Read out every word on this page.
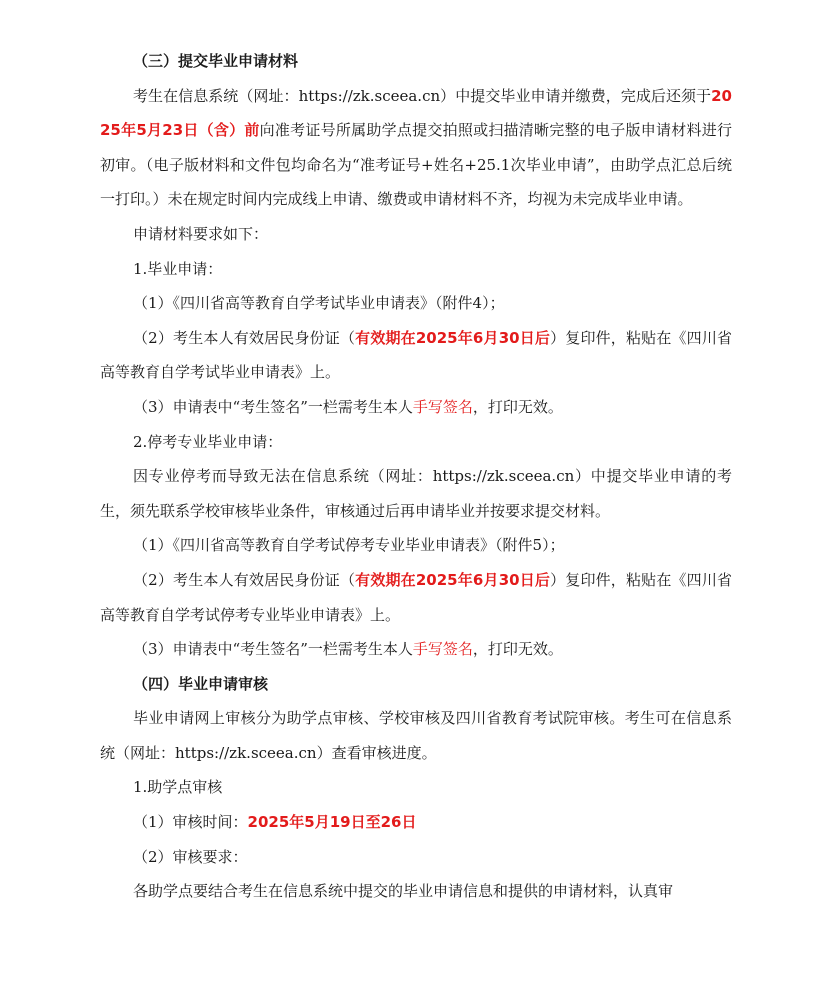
（三）提交毕业申请材料

考生在信息系统（网址：https://zk.sceea.cn）中提交毕业申请并缴费，完成后还须于2025年5月23日（含）前向准考证号所属助学点提交拍照或扫描清晰完整的电子版申请材料进行初审。（电子版材料和文件包均命名为“准考证号+姓名+25.1次毕业申请”，由助学点汇总后统一打印。）未在规定时间内完成线上申请、缴费或申请材料不齐，均视为未完成毕业申请。

申请材料要求如下：

1.毕业申请：

（1）《四川省高等教育自学考试毕业申请表》（附件4）；

（2）考生本人有效居民身份证（有效期在2025年6月30日后）复印件，粘贴在《四川省高等教育自学考试毕业申请表》上。

（3）申请表中“考生签名”一栏需考生本人手写签名，打印无效。

2.停考专业毕业申请：

因专业停考而导致无法在信息系统（网址：https://zk.sceea.cn）中提交毕业申请的考生，须先联系学校审核毕业条件，审核通过后再申请毕业并按要求提交材料。

（1）《四川省高等教育自学考试停考专业毕业申请表》（附件5）；

（2）考生本人有效居民身份证（有效期在2025年6月30日后）复印件，粘贴在《四川省高等教育自学考试停考专业毕业申请表》上。

（3）申请表中“考生签名”一栏需考生本人手写签名，打印无效。

（四）毕业申请审核

毕业申请网上审核分为助学点审核、学校审核及四川省教育考试院审核。考生可在信息系统（网址：https://zk.sceea.cn）查看审核进度。

1.助学点审核

（1）审核时间：2025年5月19日至26日

（2）审核要求：

各助学点要结合考生在信息系统中提交的毕业申请信息和提供的申请材料，认真审
